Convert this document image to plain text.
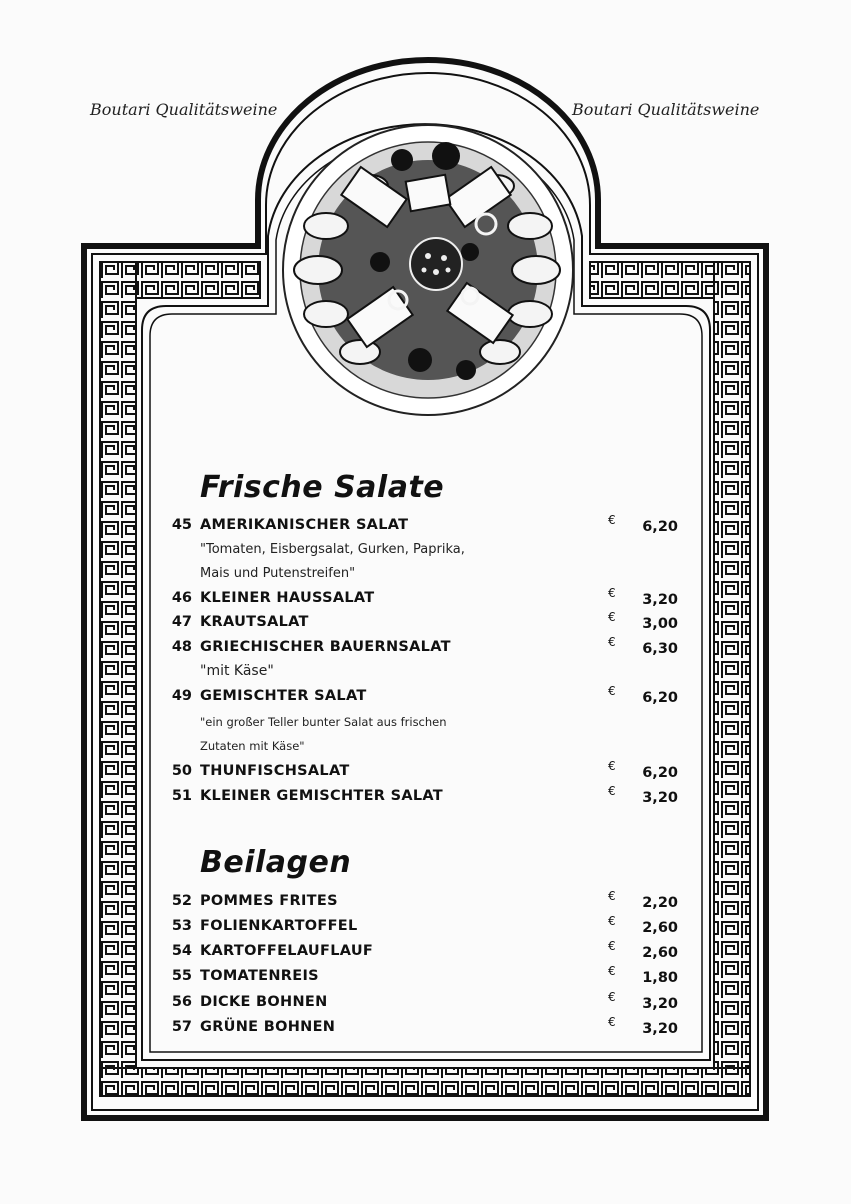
Boutari Qualitätsweine	Boutari Qualitätsweine
Frische Salate
45 AMERIKANISCHER SALAT	€	6,20
"Tomaten, Eisbergsalat, Gurken, Paprika,
Mais und Putenstreifen"
46 KLEINER HAUSSALAT	€	3,20
47 KRAUTSALAT	€	3,00
48 GRIECHISCHER BAUERNSALAT	€	6,30
"mit Käse"
49 GEMISCHTER SALAT	€	6,20
"ein großer Teller bunter Salat aus frischen
Zutaten mit Käse"
50 THUNFISCHSALAT	€	6,20
51 KLEINER GEMISCHTER SALAT	€	3,20
Beilagen
52 POMMES FRITES	€	2,20
53 FOLIENKARTOFFEL	€	2,60
54 KARTOFFELAUFLAUF	€	2,60
55 TOMATENREIS	€	1,80
56 DICKE BOHNEN	€	3,20
57 GRÜNE BOHNEN	€	3,20
